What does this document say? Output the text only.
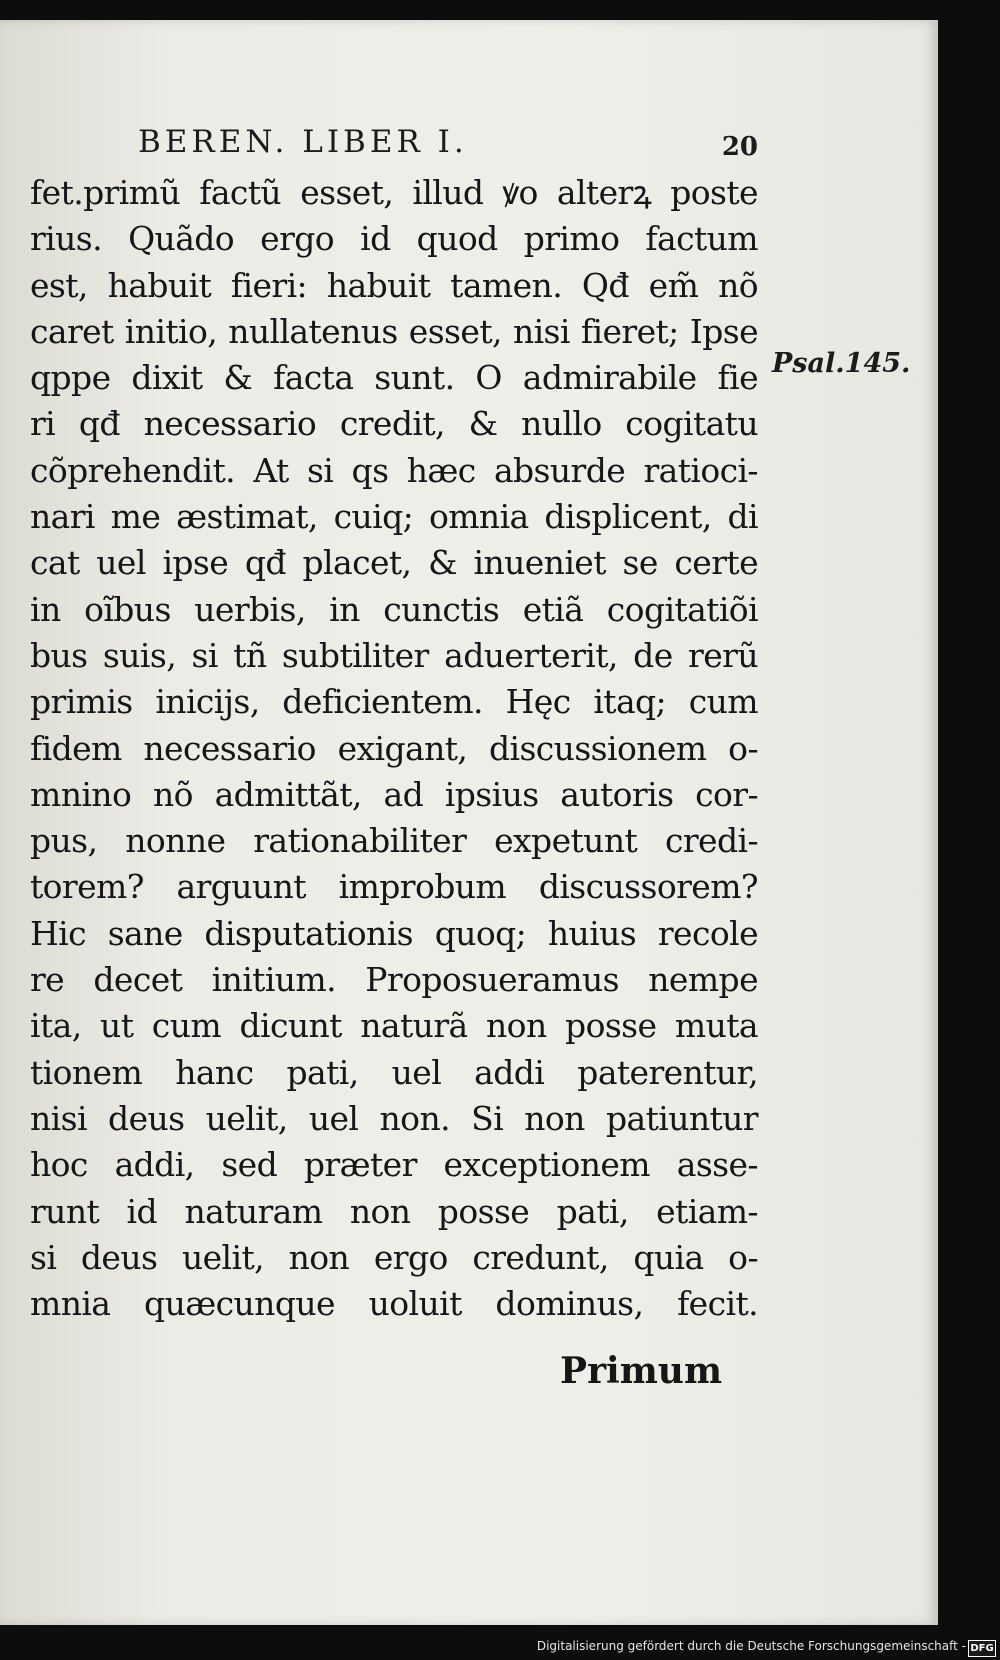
BEREN. LIBER I.	20
fet.primũ factũ esset, illud ꝟo alterꝝ poste
rius. Quãdo ergo id quod primo factum
est, habuit fieri: habuit tamen. Qđ em̃ nõ
caret initio, nullatenus esset, nisi fieret; Ipse
qppe dixit & facta sunt. O admirabile fie
ri qđ necessario credit, & nullo cogitatu
cõprehendit. At si qs hæc absurde ratioci-
nari me æstimat, cuiq; omnia displicent, di
cat uel ipse qđ placet, & inueniet se certe
in oĩbus uerbis, in cunctis etiã cogitatiõi
bus suis, si tñ subtiliter aduerterit, de rerũ
primis inicijs, deficientem. Hęc itaq; cum
fidem necessario exigant, discussionem o-
mnino nõ admittãt, ad ipsius autoris cor-
pus, nonne rationabiliter expetunt credi-
torem? arguunt improbum discussorem?
Hic sane disputationis quoq; huius recole
re decet initium. Proposueramus nempe
ita, ut cum dicunt naturã non posse muta
tionem hanc pati, uel addi paterentur,
nisi deus uelit, uel non. Si non patiuntur
hoc addi, sed præter exceptionem asse-
runt id naturam non posse pati, etiam-
si deus uelit, non ergo credunt, quia o-
mnia quæcunque uoluit dominus, fecit.
Primum
Psal.145.
Digitalisierung gefördert durch die Deutsche Forschungsgemeinschaft - DFG
